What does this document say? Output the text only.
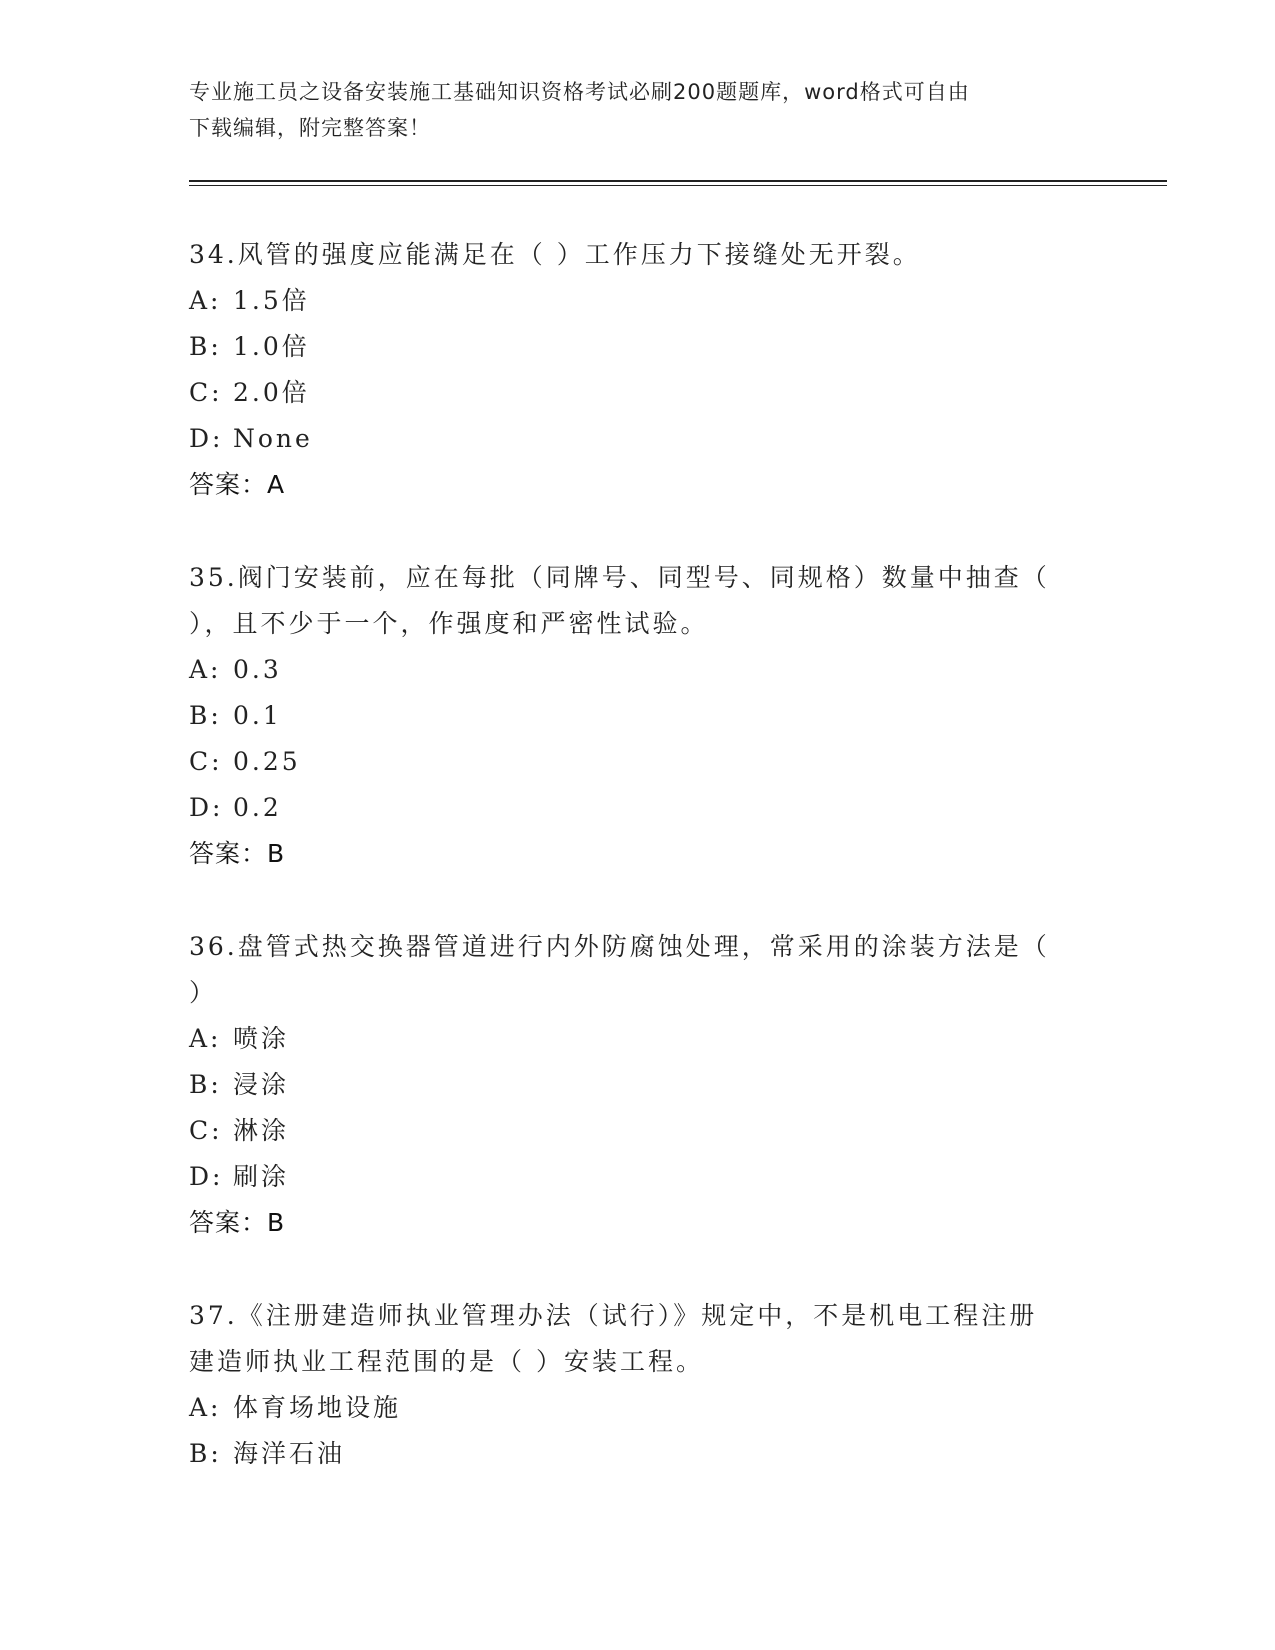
专业施工员之设备安装施工基础知识资格考试必刷200题题库，word格式可自由
下载编辑，附完整答案！
34.风管的强度应能满足在（ ）工作压力下接缝处无开裂。
A: 1.5倍
B: 1.0倍
C: 2.0倍
D: None
答案：A
35.阀门安装前，应在每批（同牌号、同型号、同规格）数量中抽查（
），且不少于一个，作强度和严密性试验。
A: 0.3
B: 0.1
C: 0.25
D: 0.2
答案：B
36.盘管式热交换器管道进行内外防腐蚀处理，常采用的涂装方法是（
）
A: 喷涂
B: 浸涂
C: 淋涂
D: 刷涂
答案：B
37.《注册建造师执业管理办法（试行）》规定中，不是机电工程注册
建造师执业工程范围的是（ ）安装工程。
A: 体育场地设施
B: 海洋石油
